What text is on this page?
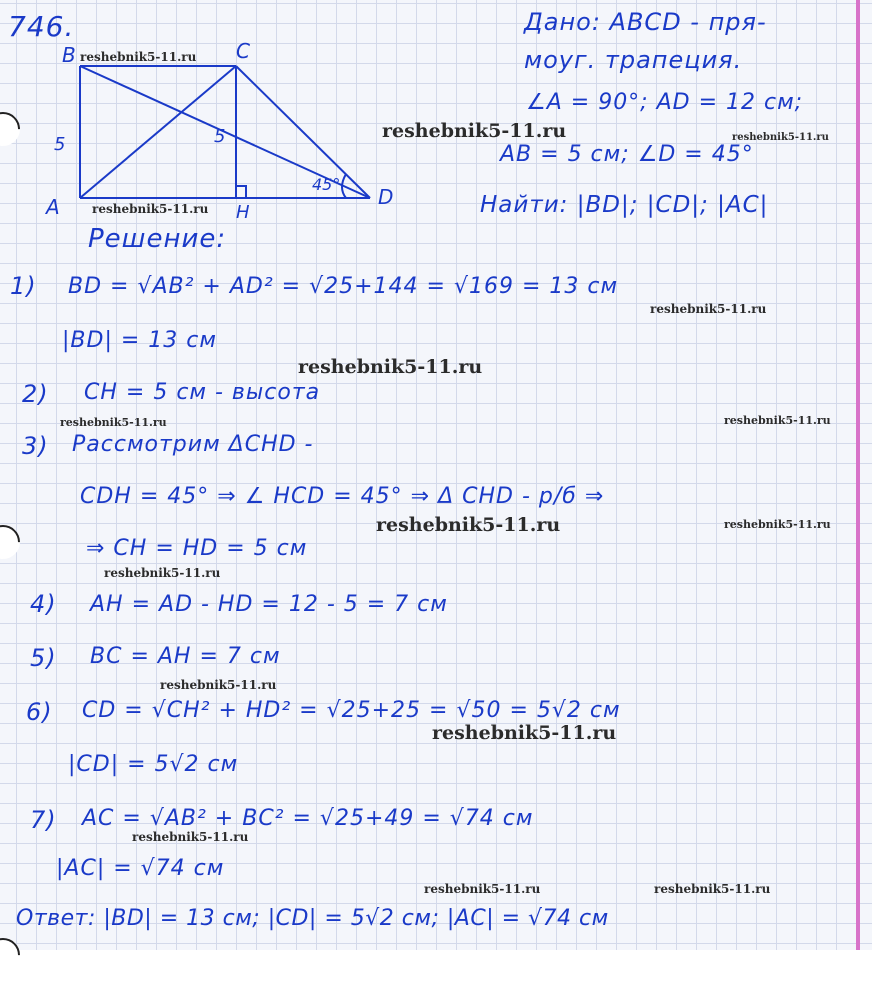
746.
B	C
A	H
D
5	5
45°
Дано: ABCD - пря-
моуг. трапеция.
∠A = 90°; AD = 12 см;
AB = 5 см; ∠D = 45°
Найти: |BD|; |CD|; |AC|
Решение:
1) BD = √AB² + AD² = √25+144 = √169 = 13 см
|BD| = 13 см
2) CH = 5 см - высота
3) Рассмотрим ΔCHD -
CDH = 45° ⇒ ∠ HCD = 45° ⇒ Δ CHD - р/б ⇒
⇒ CH = HD = 5 см
4) AH = AD - HD = 12 - 5 = 7 см
5) BC = AH = 7 см
6) CD = √CH² + HD² = √25+25 = √50 = 5√2 см
|CD| = 5√2 см
7) AC = √AB² + BC² = √25+49 = √74 см
|AC| = √74 см
Ответ: |BD| = 13 см; |CD| = 5√2 см; |AC| = √74 см
reshebnik5-11.ru
reshebnik5-11.ru	reshebnik5-11.ru
reshebnik5-11.ru
reshebnik5-11.ru
reshebnik5-11.ru
reshebnik5-11.ru	reshebnik5-11.ru
reshebnik5-11.ru	reshebnik5-11.ru
reshebnik5-11.ru
reshebnik5-11.ru
reshebnik5-11.ru
reshebnik5-11.ru
reshebnik5-11.ru	reshebnik5-11.ru
